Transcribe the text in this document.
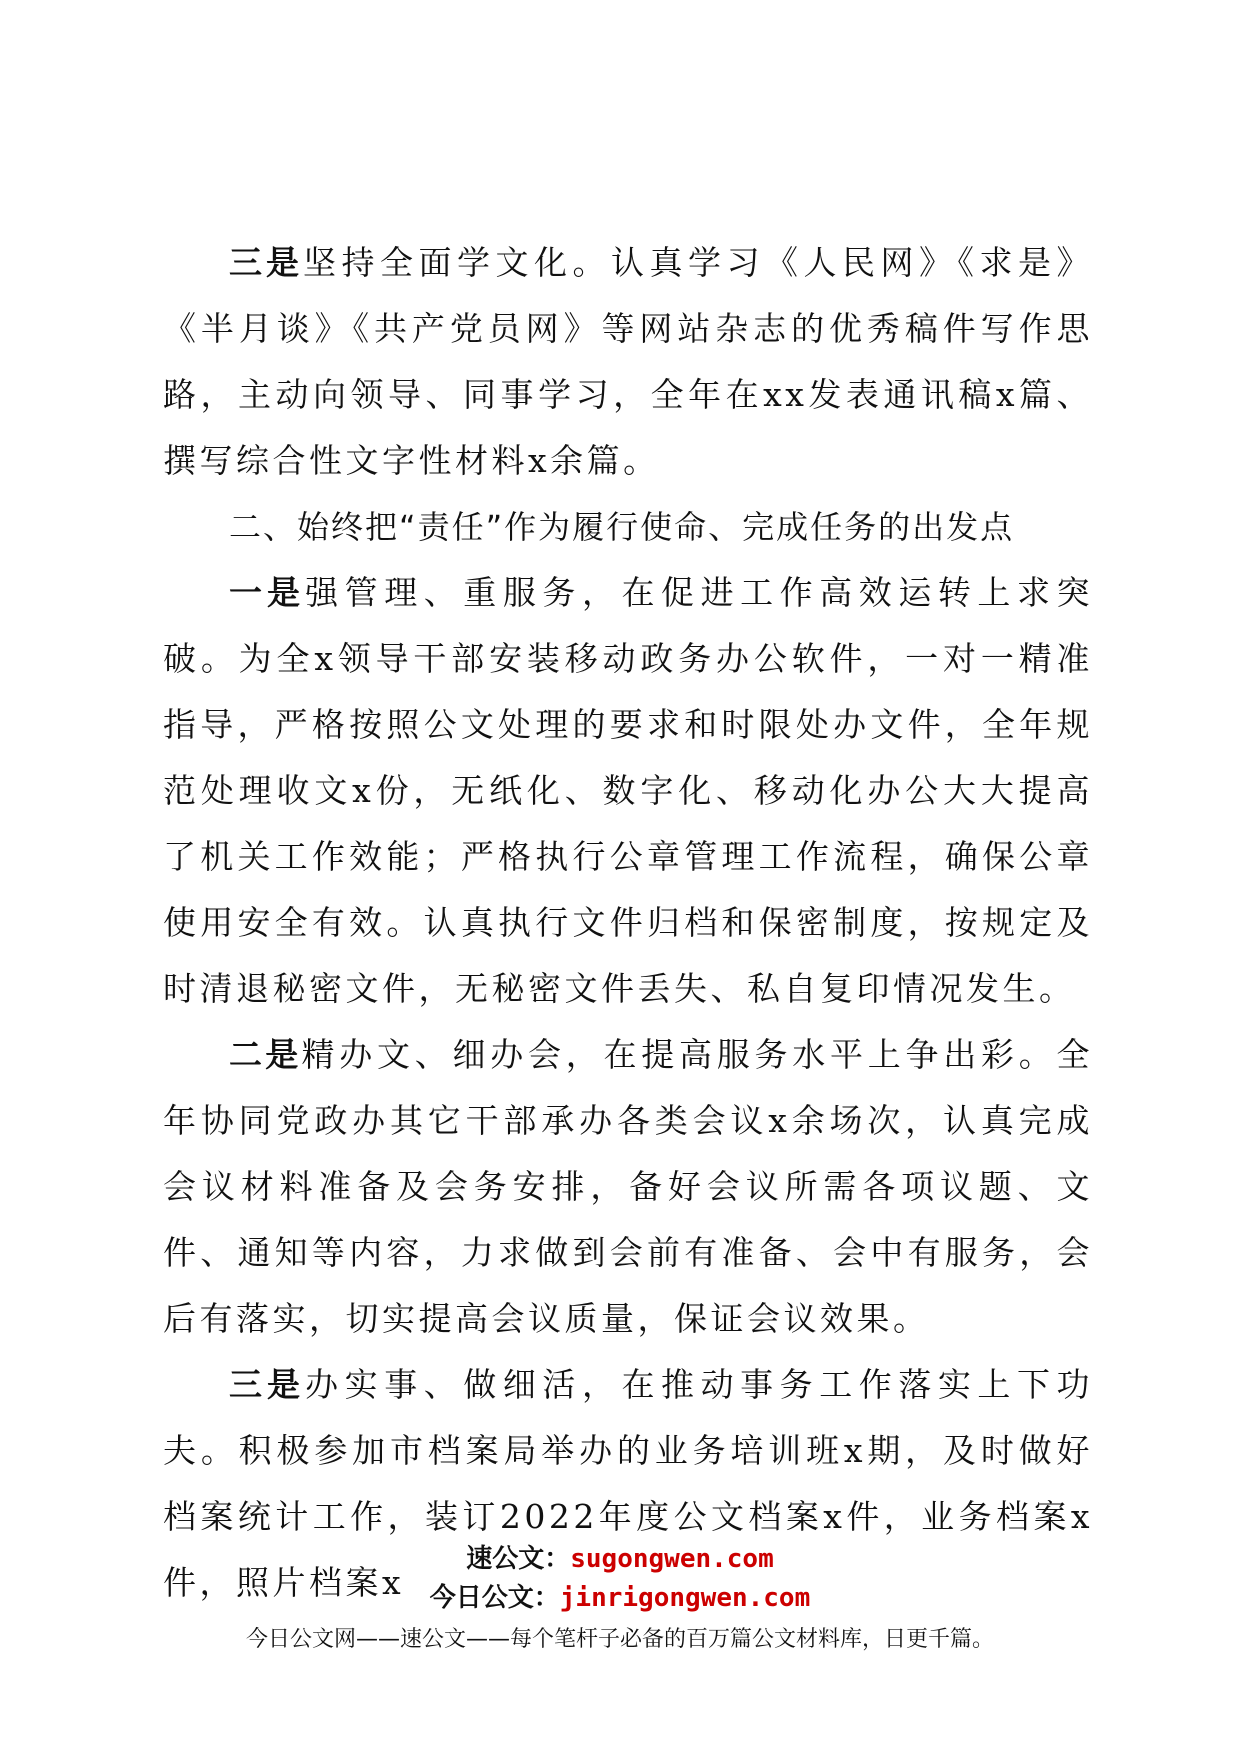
三是坚持全面学文化。认真学习《人民网》《求是》《半月谈》《共产党员网》等网站杂志的优秀稿件写作思路，主动向领导、同事学习，全年在xx发表通讯稿x篇、撰写综合性文字性材料x余篇。

二、始终把“责任”作为履行使命、完成任务的出发点

一是强管理、重服务，在促进工作高效运转上求突破。为全x领导干部安装移动政务办公软件，一对一精准指导，严格按照公文处理的要求和时限处办文件，全年规范处理收文x份，无纸化、数字化、移动化办公大大提高了机关工作效能；严格执行公章管理工作流程，确保公章使用安全有效。认真执行文件归档和保密制度，按规定及时清退秘密文件，无秘密文件丢失、私自复印情况发生。

二是精办文、细办会，在提高服务水平上争出彩。全年协同党政办其它干部承办各类会议x余场次，认真完成会议材料准备及会务安排，备好会议所需各项议题、文件、通知等内容，力求做到会前有准备、会中有服务，会后有落实，切实提高会议质量，保证会议效果。

三是办实事、做细活，在推动事务工作落实上下功夫。积极参加市档案局举办的业务培训班x期，及时做好档案统计工作，装订2022年度公文档案x件，业务档案x件，照片档案x

速公文：sugongwen.com
今日公文：jinrigongwen.com
今日公文网——速公文——每个笔杆子必备的百万篇公文材料库，日更千篇。
